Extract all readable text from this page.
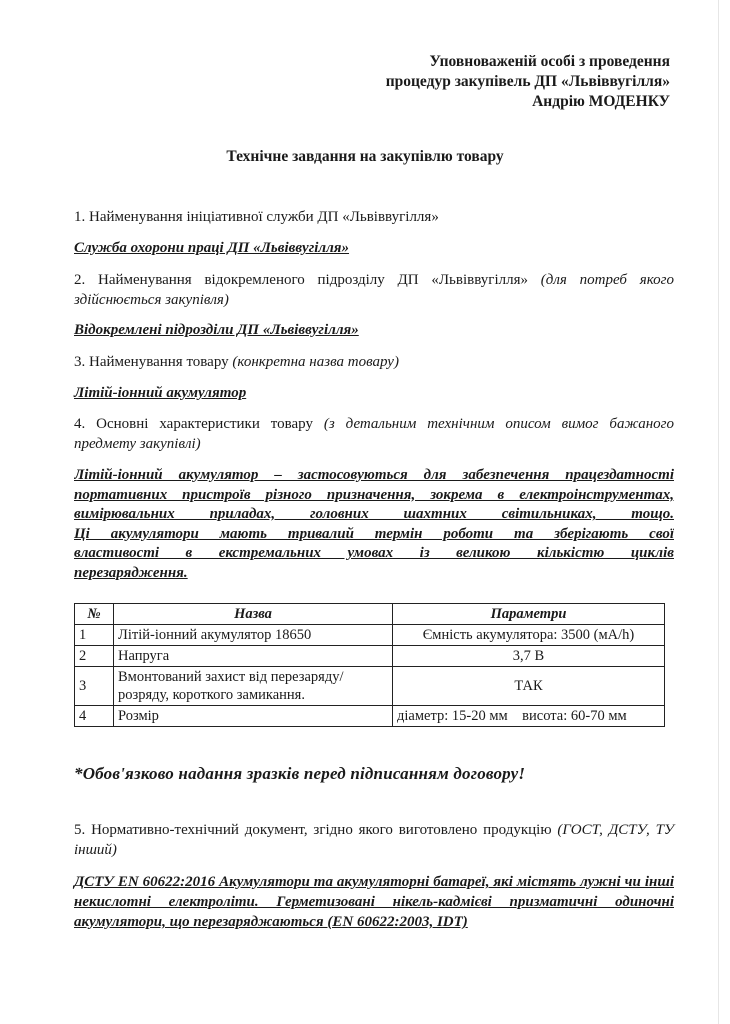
Уповноваженій особі з проведення
процедур закупівель ДП «Львіввугілля»
Андрію МОДЕНКУ
Технічне завдання на закупівлю товару
1. Найменування ініціативної служби ДП «Львіввугілля»
Служба охорони праці ДП «Львіввугілля»
2. Найменування відокремленого підрозділу ДП «Львіввугілля» (для потреб якого здійснюється закупівля)
Відокремлені підрозділи ДП «Львіввугілля»
3. Найменування товару (конкретна назва товару)
Літій-іонний акумулятор
4. Основні характеристики товару (з детальним технічним описом вимог бажаного предмету закупівлі)
Літій-іонний акумулятор – застосовуються для забезпечення працездатності
портативних пристроїв різного призначення, зокрема в електроінструментах,
вимірювальних приладах, головних шахтних світильниках, тощо.
Ці акумулятори мають тривалий термін роботи та зберігають свої
властивості в екстремальних умовах із великою кількістю циклів
перезарядження.
№	Назва	Параметри
1	Літій-іонний акумулятор 18650	Ємність акумулятора: 3500 (мА/h)
2	Напруга	3,7 В
3	Вмонтований захист від перезаряду/розряду, короткого замикання.	ТАК
4	Розмір	діаметр: 15-20 мм    висота: 60-70 мм
*Обов'язково надання зразків перед підписанням договору!
5. Нормативно-технічний документ, згідно якого виготовлено продукцію (ГОСТ, ДСТУ, ТУ інший)
ДСТУ EN 60622:2016 Акумулятори та акумуляторні батареї, які містять лужні чи інші некислотні електроліти. Герметизовані нікель-кадмієві призматичні одиночні акумулятори, що перезаряджаються (EN 60622:2003, IDT)
